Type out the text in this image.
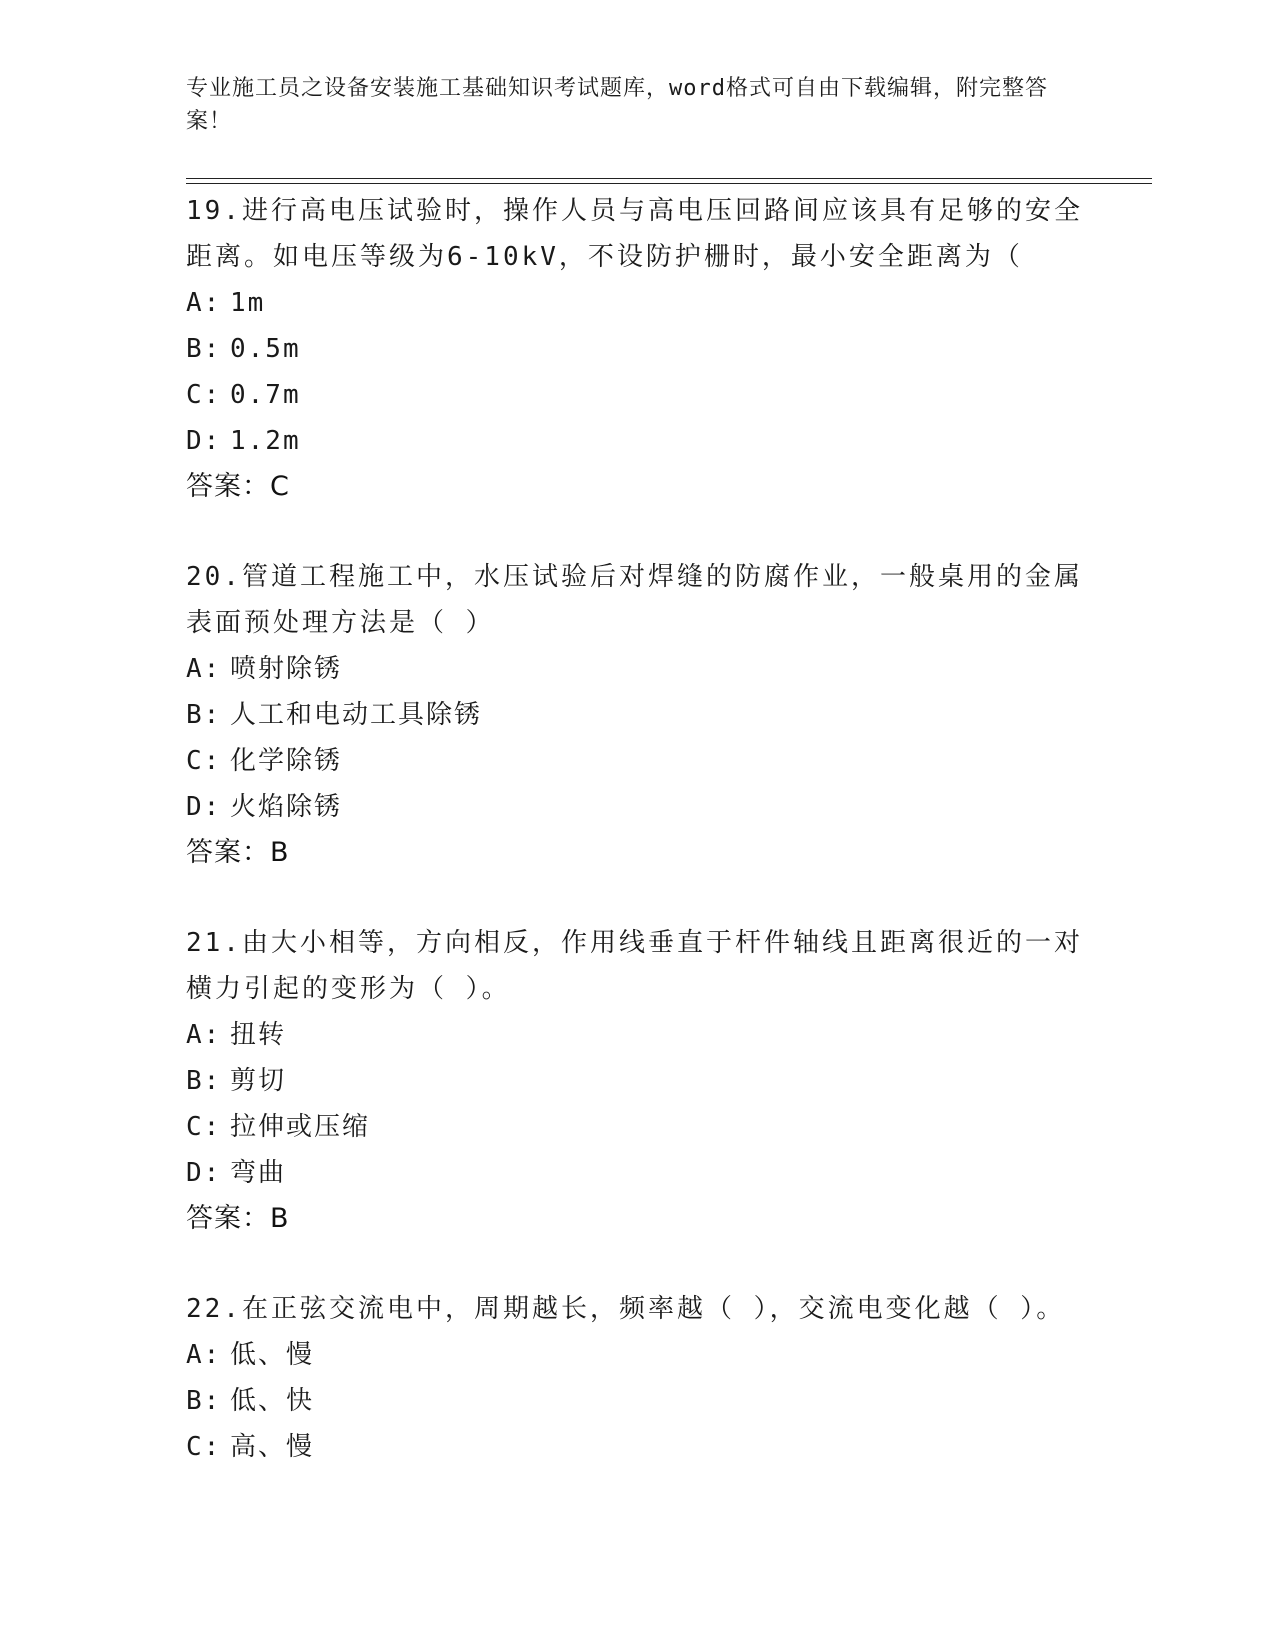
专业施工员之设备安装施工基础知识考试题库，word格式可自由下载编辑，附完整答案！

19.进行高电压试验时，操作人员与高电压回路间应该具有足够的安全距离。如电压等级为6-10kV，不设防护栅时，最小安全距离为（

A: 1m
B: 0.5m
C: 0.7m
D: 1.2m
答案：C

20.管道工程施工中，水压试验后对焊缝的防腐作业，一般桌用的金属表面预处理方法是（ ）

A: 喷射除锈
B: 人工和电动工具除锈
C: 化学除锈
D: 火焰除锈
答案：B

21.由大小相等，方向相反，作用线垂直于杆件轴线且距离很近的一对横力引起的变形为（ ）。

A: 扭转
B: 剪切
C: 拉伸或压缩
D: 弯曲
答案：B

22.在正弦交流电中，周期越长，频率越（ ），交流电变化越（ ）。

A: 低、慢
B: 低、快
C: 高、慢
